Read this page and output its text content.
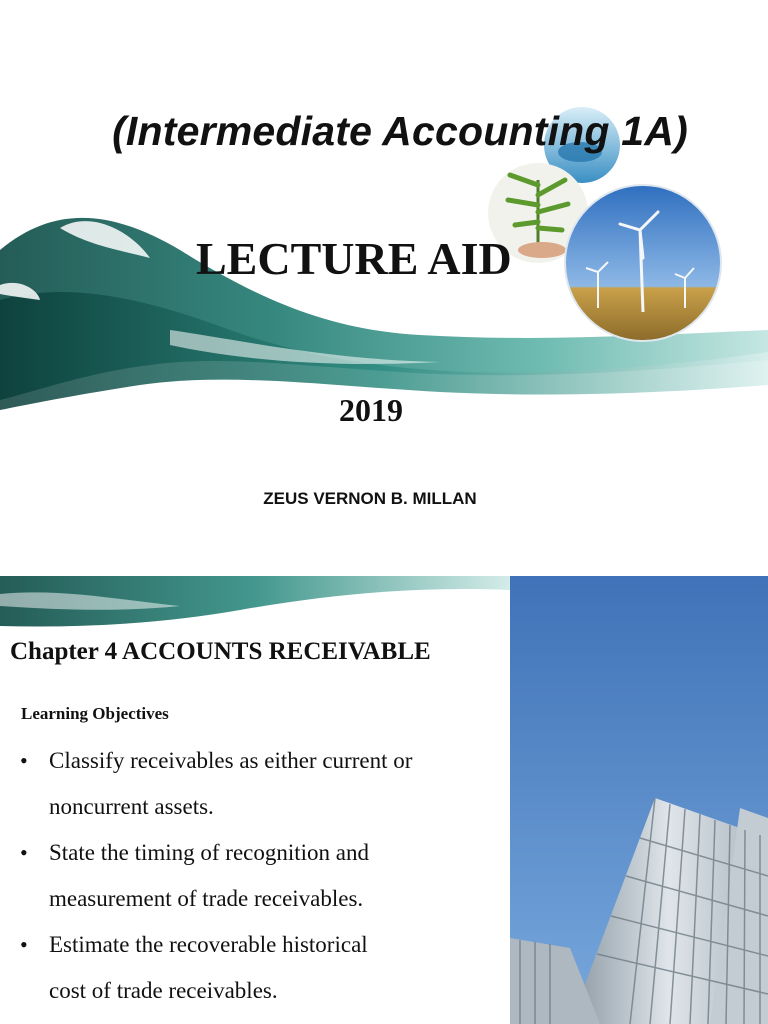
(Intermediate Accounting 1A)
LECTURE AID
2019
ZEUS VERNON B. MILLAN
Chapter 4 ACCOUNTS RECEIVABLE
Learning Objectives
• Classify receivables as either current or
noncurrent assets.
• State the timing of recognition and
measurement of trade receivables.
• Estimate the recoverable historical
cost of trade receivables.
